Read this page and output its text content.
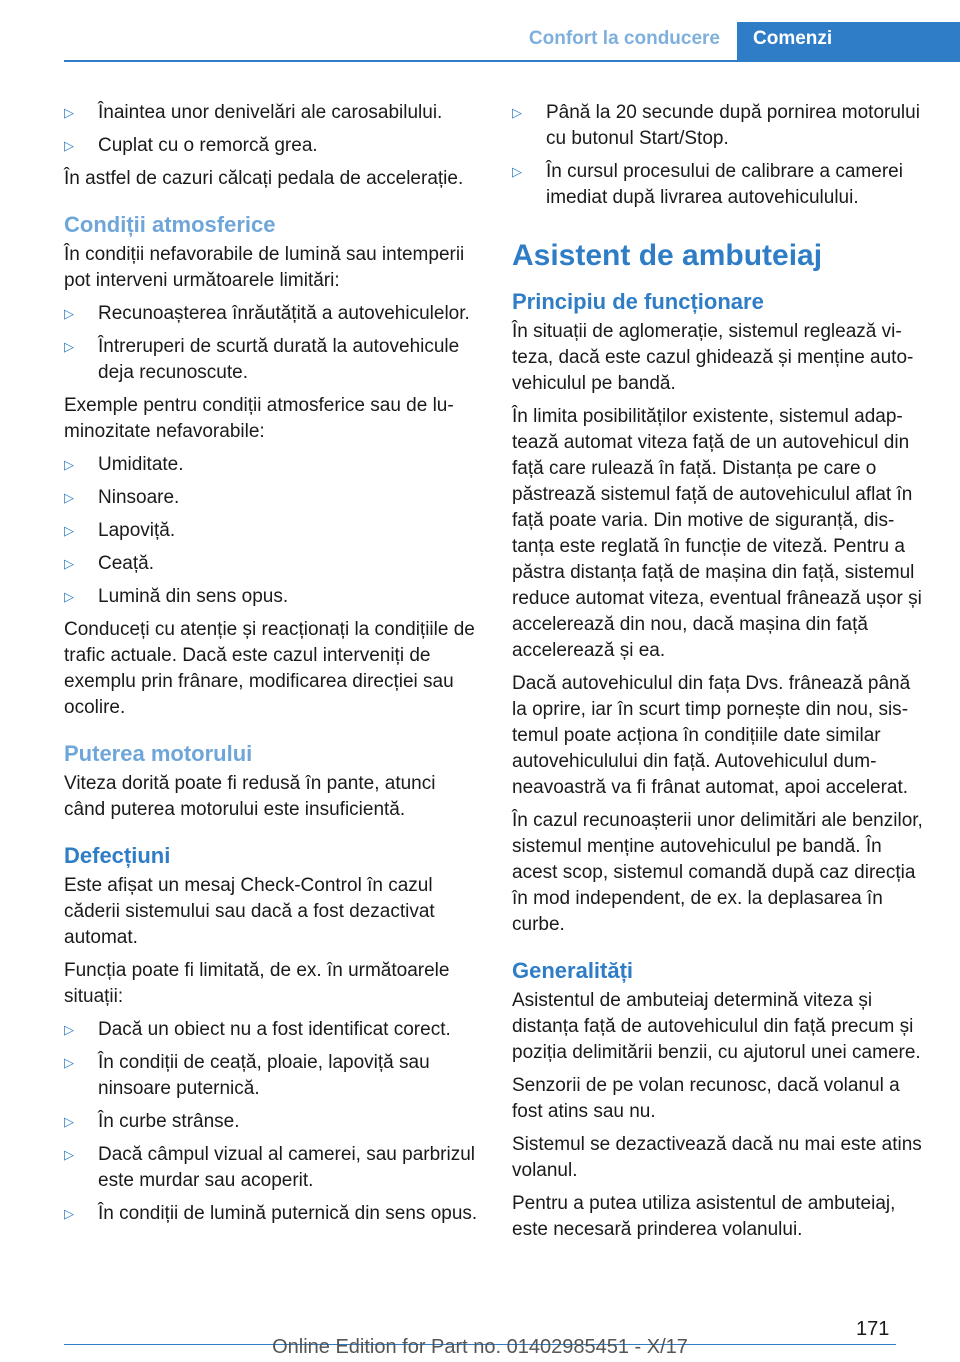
Confort la conducere	Comenzi
▷ Înaintea unor denivelări ale carosabilului.
▷ Cuplat cu o remorcă grea.

În astfel de cazuri călcați pedala de accelerație.

Condiții atmosferice

În condiții nefavorabile de lumină sau intemperii pot interveni următoarele limitări:

▷ Recunoașterea înrăutățită a autovehiculelor.
▷ Întreruperi de scurtă durată la autovehicule deja recunoscute.

Exemple pentru condiții atmosferice sau de luminozitate nefavorabile:

▷ Umiditate.
▷ Ninsoare.
▷ Lapoviță.
▷ Ceață.
▷ Lumină din sens opus.

Conduceți cu atenție și reacționați la condițiile de trafic actuale. Dacă este cazul interveniți de exemplu prin frânare, modificarea direcției sau ocolire.

Puterea motorului

Viteza dorită poate fi redusă în pante, atunci când puterea motorului este insuficientă.

Defecțiuni

Este afișat un mesaj Check-Control în cazul căderii sistemului sau dacă a fost dezactivat automat.

Funcția poate fi limitată, de ex. în următoarele situații:

▷ Dacă un obiect nu a fost identificat corect.
▷ În condiții de ceață, ploaie, lapoviță sau ninsoare puternică.
▷ În curbe strânse.
▷ Dacă câmpul vizual al camerei, sau parbrizul este murdar sau acoperit.
▷ În condiții de lumină puternică din sens opus.
▷ Până la 20 secunde după pornirea motorului cu butonul Start/Stop.
▷ În cursul procesului de calibrare a camerei imediat după livrarea autovehiculului.
Asistent de ambuteiaj
Principiu de funcționare

În situații de aglomerație, sistemul reglează viteza, dacă este cazul ghidează și menține autovehiculul pe bandă.

În limita posibilităților existente, sistemul adaptează automat viteza față de un autovehicul din față care rulează în față. Distanța pe care o păstrează sistemul față de autovehiculul aflat în față poate varia. Din motive de siguranță, distanța este reglată în funcție de viteză. Pentru a păstra distanța față de mașina din față, sistemul reduce automat viteza, eventual frânează ușor și accelerează din nou, dacă mașina din față accelerează și ea.

Dacă autovehiculul din fața Dvs. frânează până la oprire, iar în scurt timp pornește din nou, sistemul poate acționa în condițiile date similar autovehiculului din față. Autovehiculul dumneavoastră va fi frânat automat, apoi accelerat.

În cazul recunoașterii unor delimitări ale benzilor, sistemul menține autovehiculul pe bandă. În acest scop, sistemul comandă după caz direcția în mod independent, de ex. la deplasarea în curbe.

Generalități

Asistentul de ambuteiaj determină viteza și distanța față de autovehiculul din față precum și poziția delimitării benzii, cu ajutorul unei camere.

Senzorii de pe volan recunosc, dacă volanul a fost atins sau nu.

Sistemul se dezactivează dacă nu mai este atins volanul.

Pentru a putea utiliza asistentul de ambuteiaj, este necesară prinderea volanului.

171
Online Edition for Part no. 01402985451 - X/17
